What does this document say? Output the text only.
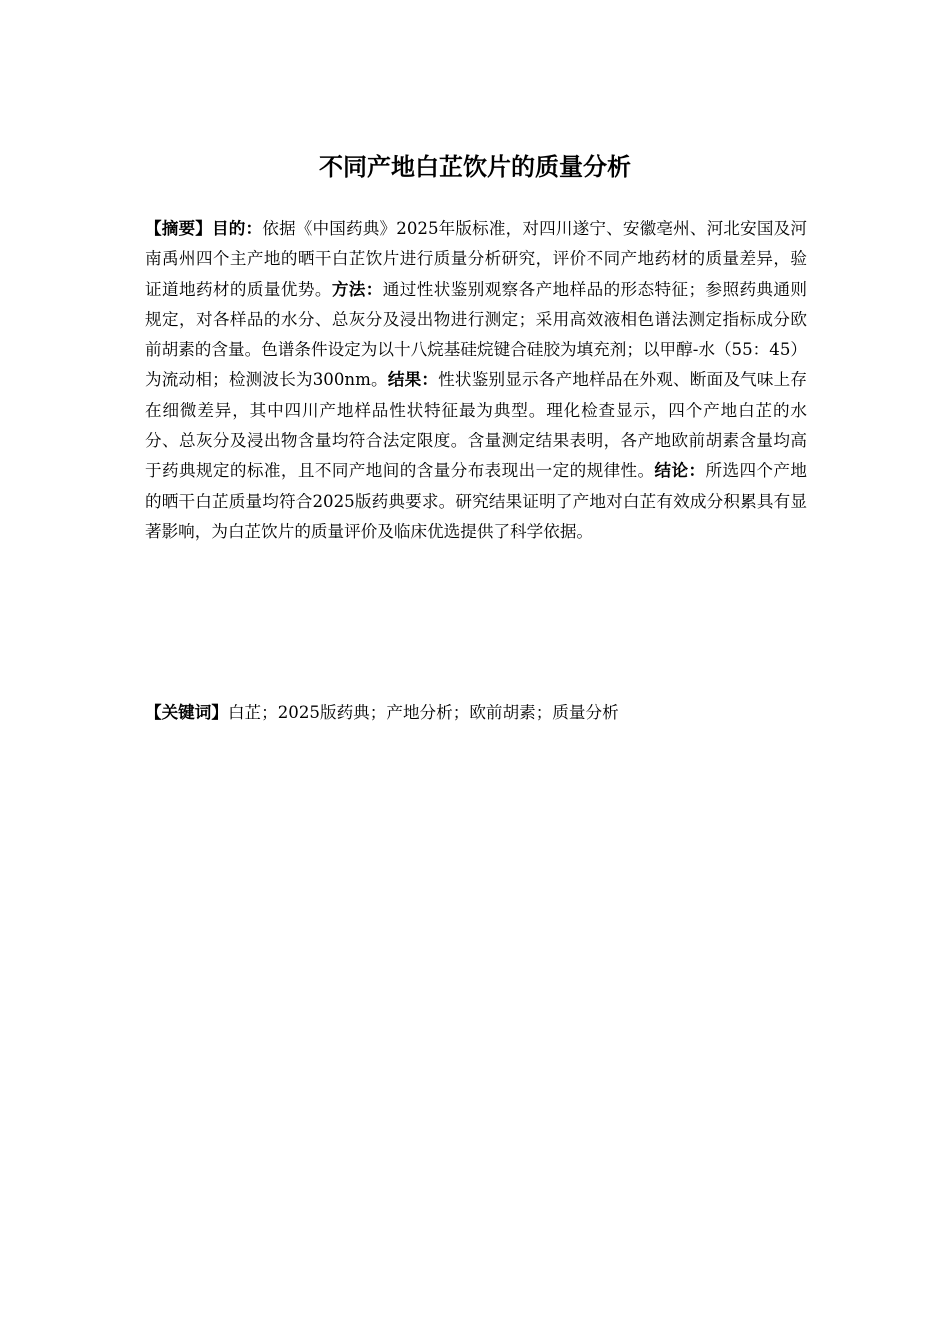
不同产地白芷饮片的质量分析

【摘要】目的：依据《中国药典》2025年版标准，对四川遂宁、安徽亳州、河北安国及河南禹州四个主产地的晒干白芷饮片进行质量分析研究，评价不同产地药材的质量差异，验证道地药材的质量优势。方法：通过性状鉴别观察各产地样品的形态特征；参照药典通则规定，对各样品的水分、总灰分及浸出物进行测定；采用高效液相色谱法测定指标成分欧前胡素的含量。色谱条件设定为以十八烷基硅烷键合硅胶为填充剂；以甲醇-水（55：45）为流动相；检测波长为300nm。结果：性状鉴别显示各产地样品在外观、断面及气味上存在细微差异，其中四川产地样品性状特征最为典型。理化检查显示，四个产地白芷的水分、总灰分及浸出物含量均符合法定限度。含量测定结果表明，各产地欧前胡素含量均高于药典规定的标准，且不同产地间的含量分布表现出一定的规律性。结论：所选四个产地的晒干白芷质量均符合2025版药典要求。研究结果证明了产地对白芷有效成分积累具有显著影响，为白芷饮片的质量评价及临床优选提供了科学依据。

【关键词】白芷；2025版药典；产地分析；欧前胡素；质量分析
